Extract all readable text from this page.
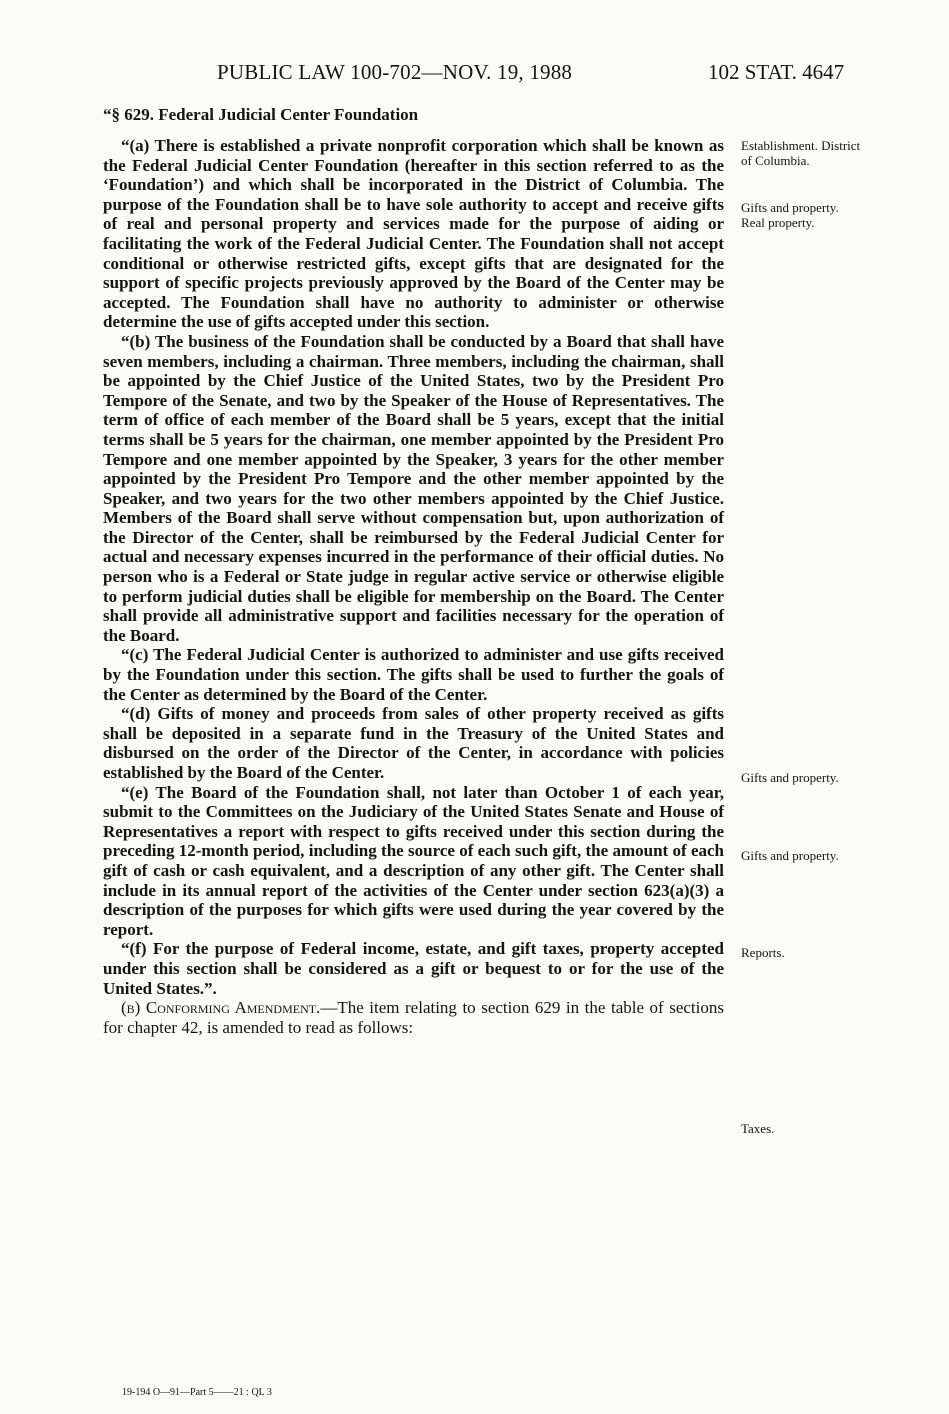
PUBLIC LAW 100-702—NOV. 19, 1988	102 STAT. 4647
“§ 629. Federal Judicial Center Foundation

“(a) There is established a private nonprofit corporation which shall be known as the Federal Judicial Center Foundation (hereafter in this section referred to as the ‘Foundation’) and which shall be incorporated in the District of Columbia. The purpose of the Foundation shall be to have sole authority to accept and receive gifts of real and personal property and services made for the purpose of aiding or facilitating the work of the Federal Judicial Center. The Foundation shall not accept conditional or otherwise restricted gifts, except gifts that are designated for the support of specific projects previously approved by the Board of the Center may be accepted. The Foundation shall have no authority to administer or otherwise determine the use of gifts accepted under this section.

“(b) The business of the Foundation shall be conducted by a Board that shall have seven members, including a chairman. Three members, including the chairman, shall be appointed by the Chief Justice of the United States, two by the President Pro Tempore of the Senate, and two by the Speaker of the House of Representatives. The term of office of each member of the Board shall be 5 years, except that the initial terms shall be 5 years for the chairman, one member appointed by the President Pro Tempore and one member appointed by the Speaker, 3 years for the other member appointed by the President Pro Tempore and the other member appointed by the Speaker, and two years for the two other members appointed by the Chief Justice. Members of the Board shall serve without compensation but, upon authorization of the Director of the Center, shall be reimbursed by the Federal Judicial Center for actual and necessary expenses incurred in the performance of their official duties. No person who is a Federal or State judge in regular active service or otherwise eligible to perform judicial duties shall be eligible for membership on the Board. The Center shall provide all administrative support and facilities necessary for the operation of the Board.

“(c) The Federal Judicial Center is authorized to administer and use gifts received by the Foundation under this section. The gifts shall be used to further the goals of the Center as determined by the Board of the Center.

“(d) Gifts of money and proceeds from sales of other property received as gifts shall be deposited in a separate fund in the Treasury of the United States and disbursed on the order of the Director of the Center, in accordance with policies established by the Board of the Center.

“(e) The Board of the Foundation shall, not later than October 1 of each year, submit to the Committees on the Judiciary of the United States Senate and House of Representatives a report with respect to gifts received under this section during the preceding 12-month period, including the source of each such gift, the amount of each gift of cash or cash equivalent, and a description of any other gift. The Center shall include in its annual report of the activities of the Center under section 623(a)(3) a description of the purposes for which gifts were used during the year covered by the report.

“(f) For the purpose of Federal income, estate, and gift taxes, property accepted under this section shall be considered as a gift or bequest to or for the use of the United States.”.

(b) Conforming Amendment.—The item relating to section 629 in the table of sections for chapter 42, is amended to read as follows:

Establishment. District of Columbia.
Gifts and property. Real property.
Gifts and property.
Gifts and property.
Reports.
Taxes.
19-194 O—91—Part 5——21 : QL 3
